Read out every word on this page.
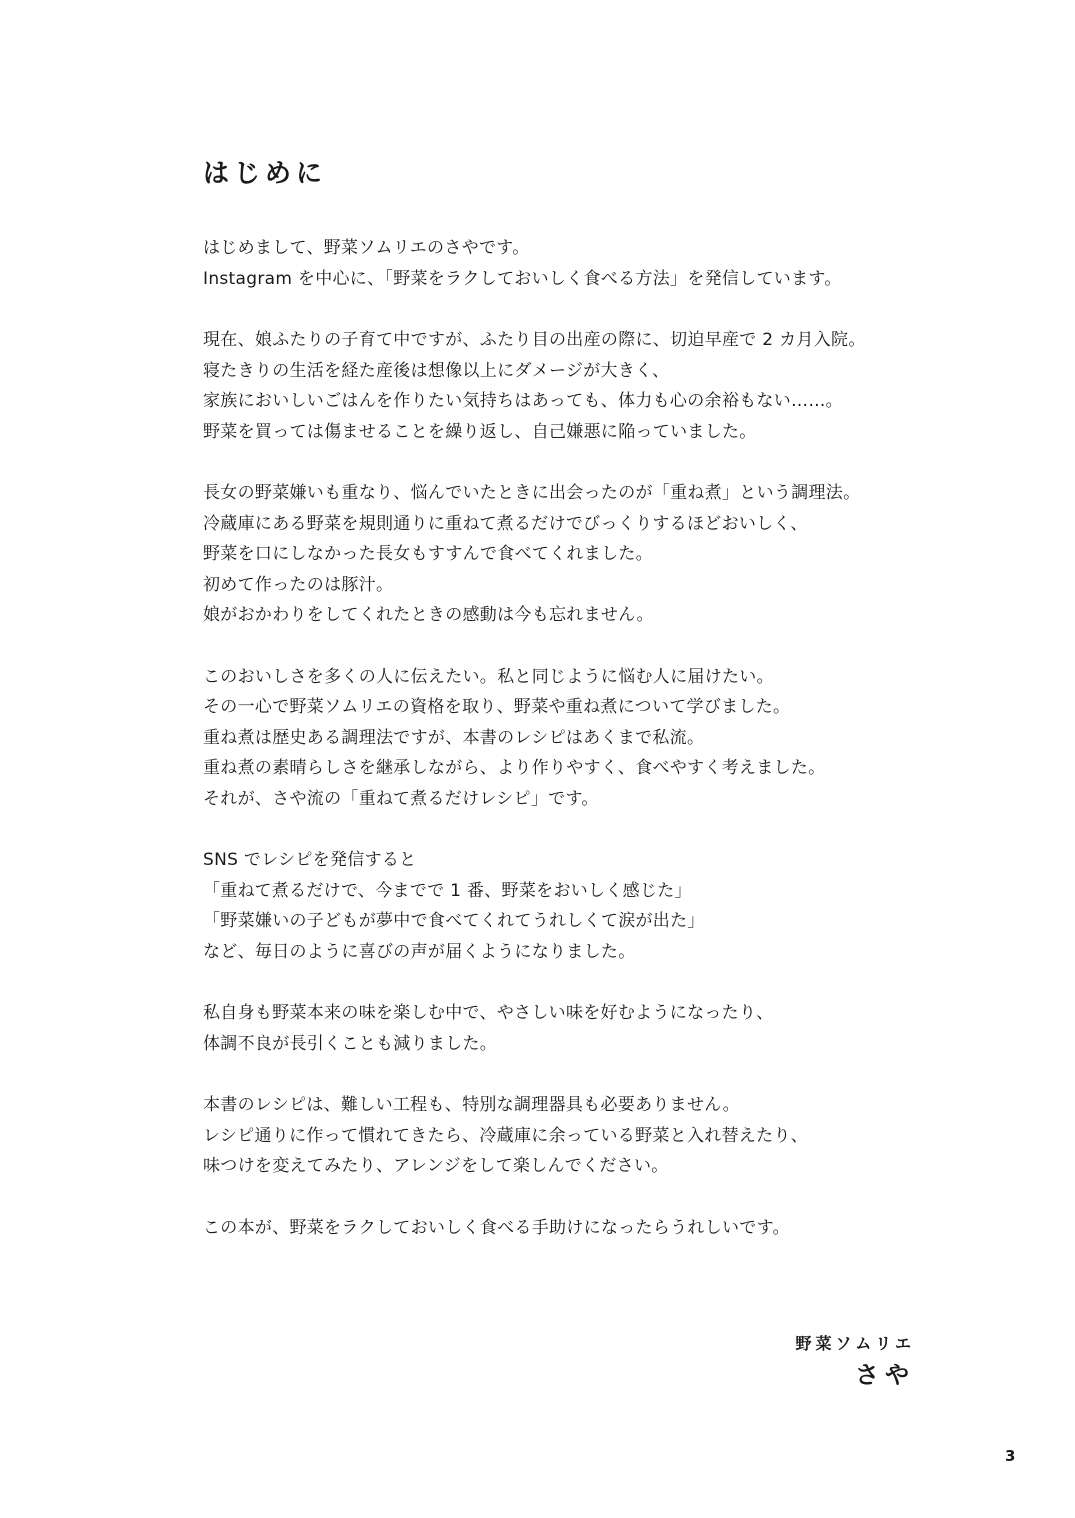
はじめに

はじめまして、野菜ソムリエのさやです。
Instagram を中心に、「野菜をラクしておいしく食べる方法」を発信しています。

現在、娘ふたりの子育て中ですが、ふたり目の出産の際に、切迫早産で 2 カ月入院。
寝たきりの生活を経た産後は想像以上にダメージが大きく、
家族においしいごはんを作りたい気持ちはあっても、体力も心の余裕もない……。
野菜を買っては傷ませることを繰り返し、自己嫌悪に陥っていました。

長女の野菜嫌いも重なり、悩んでいたときに出会ったのが「重ね煮」という調理法。
冷蔵庫にある野菜を規則通りに重ねて煮るだけでびっくりするほどおいしく、
野菜を口にしなかった長女もすすんで食べてくれました。
初めて作ったのは豚汁。
娘がおかわりをしてくれたときの感動は今も忘れません。

このおいしさを多くの人に伝えたい。私と同じように悩む人に届けたい。
その一心で野菜ソムリエの資格を取り、野菜や重ね煮について学びました。
重ね煮は歴史ある調理法ですが、本書のレシピはあくまで私流。
重ね煮の素晴らしさを継承しながら、より作りやすく、食べやすく考えました。
それが、さや流の「重ねて煮るだけレシピ」です。

SNS でレシピを発信すると
「重ねて煮るだけで、今までで 1 番、野菜をおいしく感じた」
「野菜嫌いの子どもが夢中で食べてくれてうれしくて涙が出た」
など、毎日のように喜びの声が届くようになりました。

私自身も野菜本来の味を楽しむ中で、やさしい味を好むようになったり、
体調不良が長引くことも減りました。

本書のレシピは、難しい工程も、特別な調理器具も必要ありません。
レシピ通りに作って慣れてきたら、冷蔵庫に余っている野菜と入れ替えたり、
味つけを変えてみたり、アレンジをして楽しんでください。

この本が、野菜をラクしておいしく食べる手助けになったらうれしいです。

野菜ソムリエ
さや
3
